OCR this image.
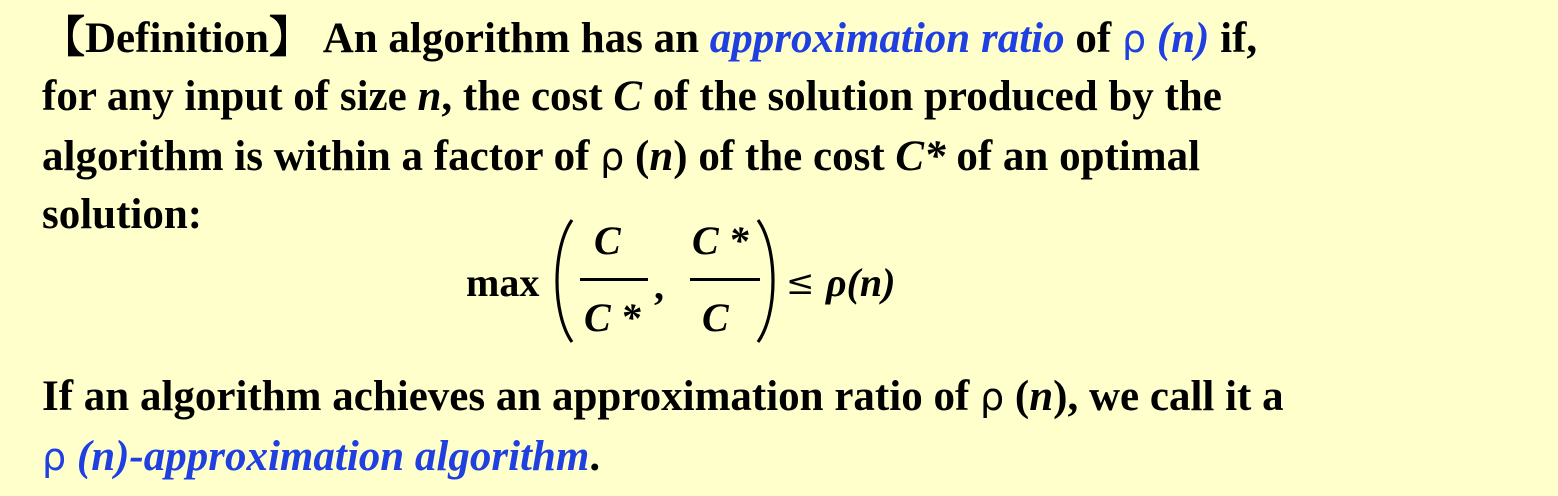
【Definition】 An algorithm has an approximation ratio of ρ (n) if,
for any input of size n, the cost C of the solution produced by the
algorithm is within a factor of ρ (n) of the cost C* of an optimal
solution:
max
C
C *
,
C *
C
≤ ρ(n)
If an algorithm achieves an approximation ratio of ρ (n), we call it a
ρ (n)-approximation algorithm.
